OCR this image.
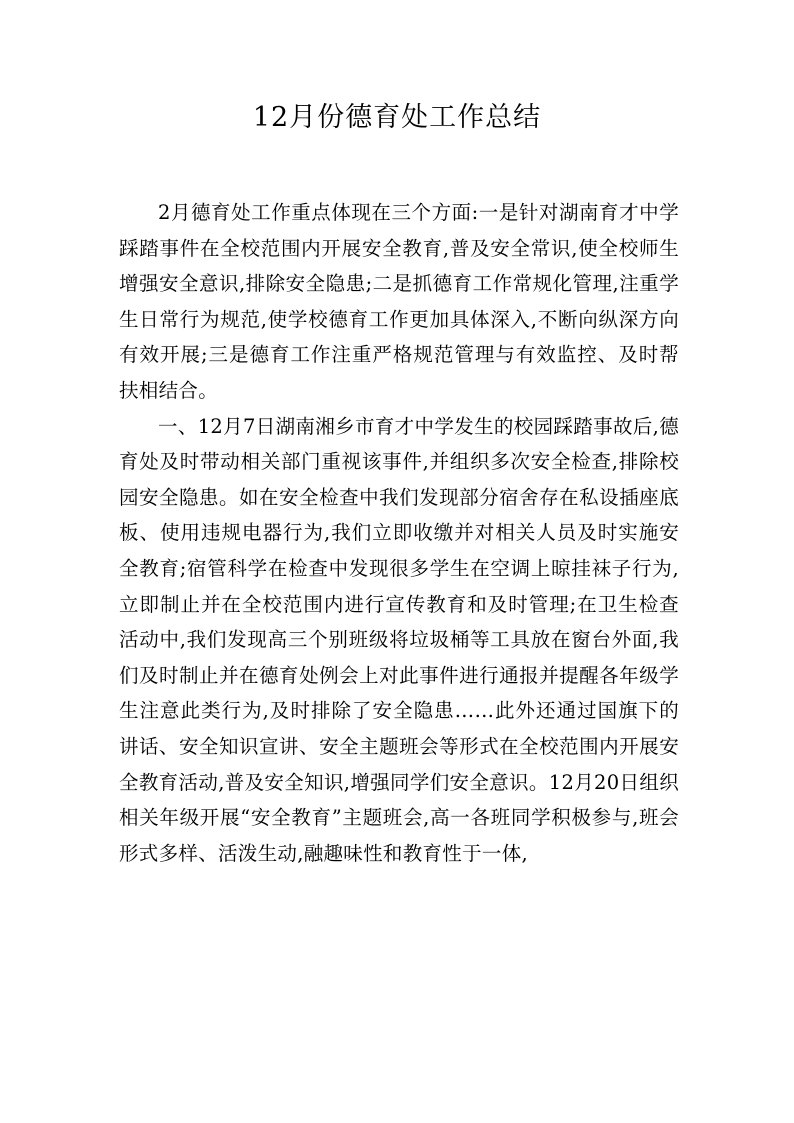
12月份德育处工作总结

2月德育处工作重点体现在三个方面:一是针对湖南育才中学踩踏事件在全校范围内开展安全教育,普及安全常识,使全校师生增强安全意识,排除安全隐患;二是抓德育工作常规化管理,注重学生日常行为规范,使学校德育工作更加具体深入,不断向纵深方向有效开展;三是德育工作注重严格规范管理与有效监控、及时帮扶相结合。

一、12月7日湖南湘乡市育才中学发生的校园踩踏事故后,德育处及时带动相关部门重视该事件,并组织多次安全检查,排除校园安全隐患。如在安全检查中我们发现部分宿舍存在私设插座底板、使用违规电器行为,我们立即收缴并对相关人员及时实施安全教育;宿管科学在检查中发现很多学生在空调上晾挂袜子行为,立即制止并在全校范围内进行宣传教育和及时管理;在卫生检查活动中,我们发现高三个别班级将垃圾桶等工具放在窗台外面,我们及时制止并在德育处例会上对此事件进行通报并提醒各年级学生注意此类行为,及时排除了安全隐患……此外还通过国旗下的讲话、安全知识宣讲、安全主题班会等形式在全校范围内开展安全教育活动,普及安全知识,增强同学们安全意识。12月20日组织相关年级开展“安全教育”主题班会,高一各班同学积极参与,班会形式多样、活泼生动,融趣味性和教育性于一体,
